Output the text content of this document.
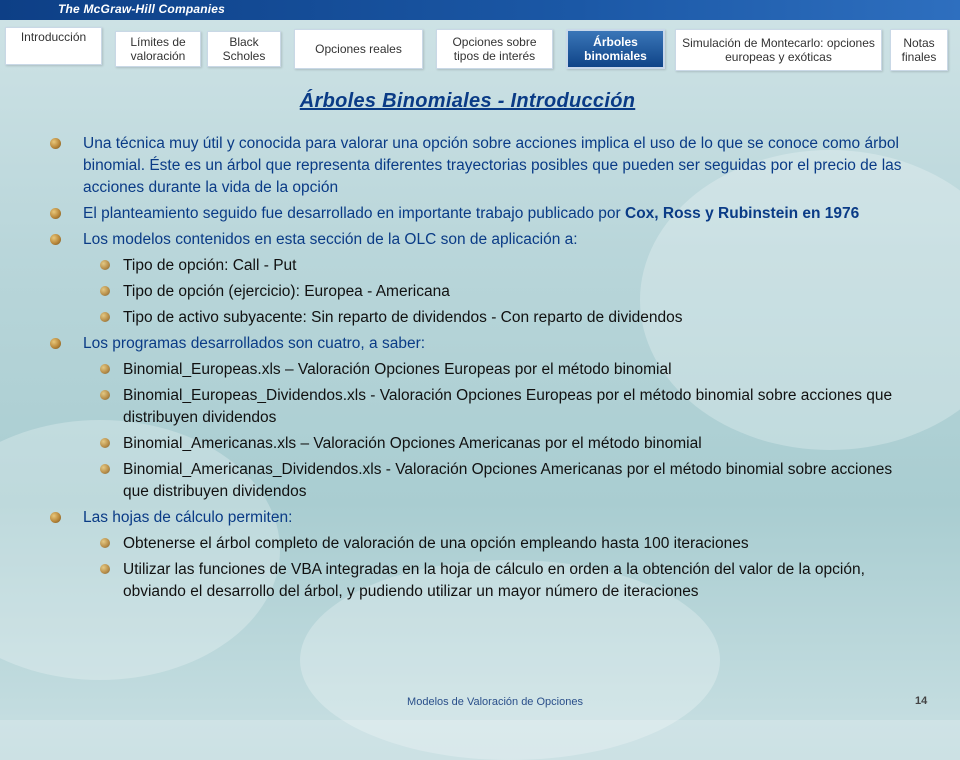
The McGraw-Hill Companies
Introducción	Límites de valoración
Black Scholes	Opciones reales	Opciones sobre tipos de interés
Árboles binomiales
Simulación de Montecarlo: opciones europeas y exóticas
Notas finales
Árboles Binomiales - Introducción
Una técnica muy útil y conocida para valorar una opción sobre acciones implica el uso de lo que se conoce como árbol binomial. Éste es un árbol que representa diferentes trayectorias posibles que pueden ser seguidas por el precio de las acciones durante la vida de la opción
El planteamiento seguido fue desarrollado en importante trabajo publicado por Cox, Ross y Rubinstein en 1976
Los modelos contenidos en esta sección de la OLC son de aplicación a:
Tipo de opción: Call - Put
Tipo de opción (ejercicio): Europea - Americana
Tipo de activo subyacente: Sin reparto de dividendos - Con reparto de dividendos
Los programas desarrollados son cuatro, a saber:
Binomial_Europeas.xls – Valoración Opciones Europeas por el método binomial
Binomial_Europeas_Dividendos.xls - Valoración Opciones Europeas por el método binomial sobre acciones que distribuyen dividendos
Binomial_Americanas.xls – Valoración Opciones Americanas por el método binomial
Binomial_Americanas_Dividendos.xls - Valoración Opciones Americanas por el método binomial sobre acciones que distribuyen dividendos
Las hojas de cálculo permiten:
Obtenerse el árbol completo de valoración de una opción empleando hasta 100 iteraciones
Utilizar las funciones de VBA integradas en la hoja de cálculo en orden a la obtención del valor de la opción, obviando el desarrollo del árbol, y pudiendo utilizar un mayor número de iteraciones
Modelos de Valoración de Opciones	14
